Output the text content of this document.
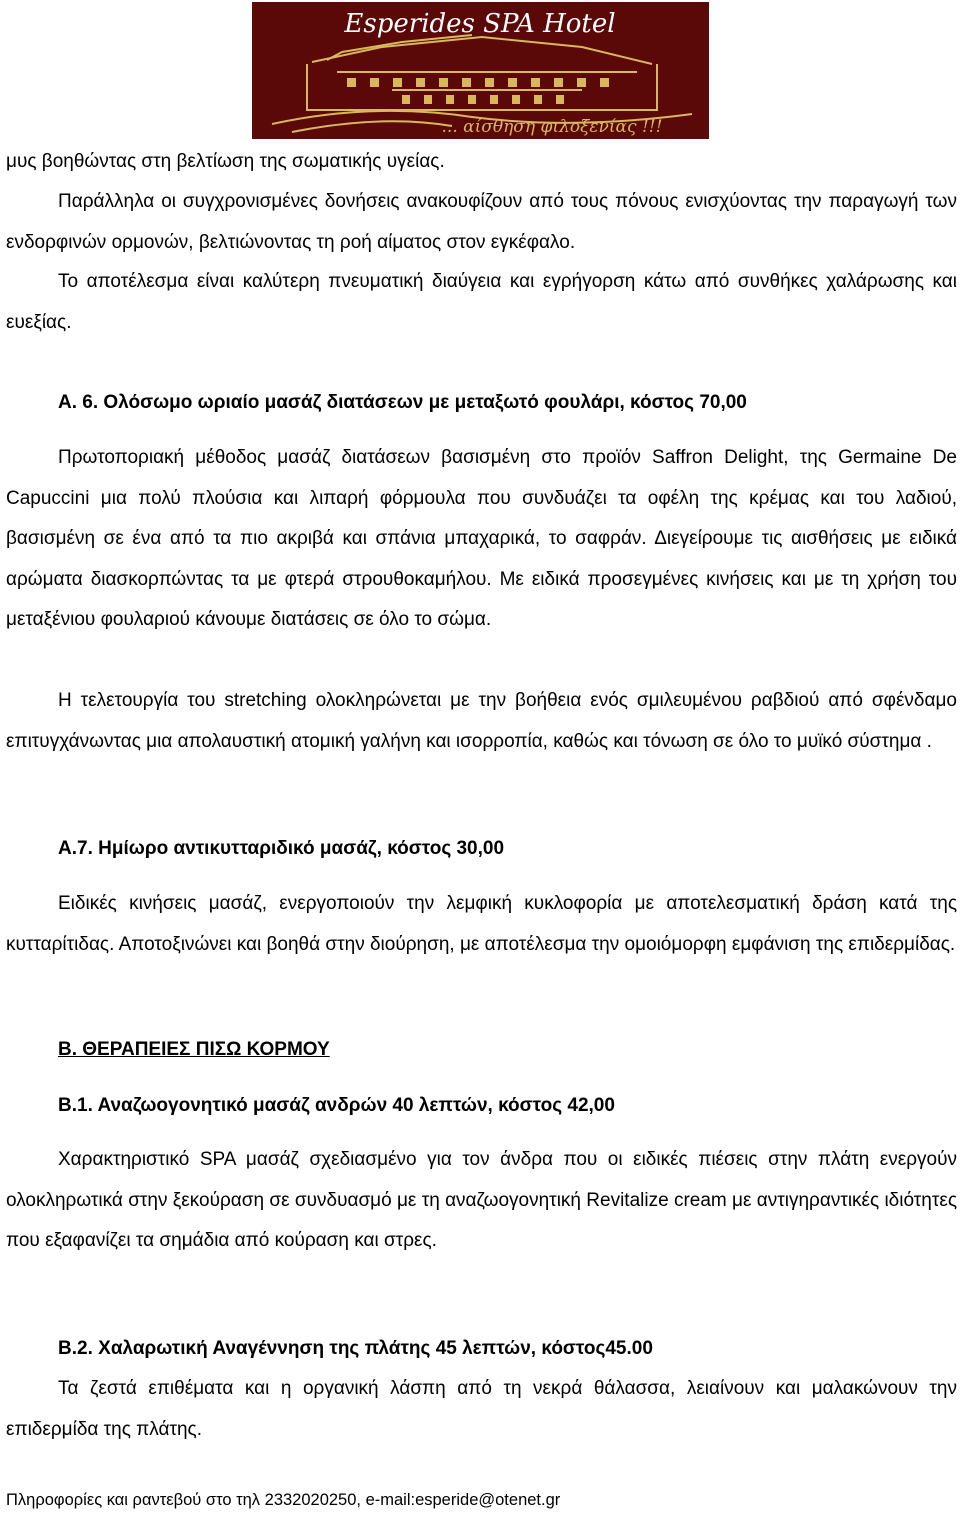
Esperides SPA Hotel
... αίσθηση φιλοξενίας !!!

μυς βοηθώντας στη βελτίωση της σωματικής υγείας.

Παράλληλα οι συγχρονισμένες δονήσεις ανακουφίζουν από τους πόνους ενισχύοντας την παραγωγή των ενδορφινών ορμονών, βελτιώνοντας τη ροή αίματος στον εγκέφαλο.

Το αποτέλεσμα είναι καλύτερη πνευματική διαύγεια και εγρήγορση κάτω από συνθήκες χαλάρωσης και ευεξίας.

Α. 6. Ολόσωμο ωριαίο μασάζ διατάσεων με μεταξωτό φουλάρι, κόστος 70,00

Πρωτοποριακή μέθοδος μασάζ διατάσεων βασισμένη στο προϊόν Saffron Delight, της Germaine De Capuccini μια πολύ πλούσια και λιπαρή φόρμουλα που συνδυάζει τα οφέλη της κρέμας και του λαδιού, βασισμένη σε ένα από τα πιο ακριβά και σπάνια μπαχαρικά, το σαφράν. Διεγείρουμε τις αισθήσεις με ειδικά αρώματα διασκορπώντας τα με φτερά στρουθοκαμήλου. Με ειδικά προσεγμένες κινήσεις και με τη χρήση του μεταξένιου φουλαριού κάνουμε διατάσεις σε όλο το σώμα.

Η τελετουργία του stretching ολοκληρώνεται με την βοήθεια ενός σμιλευμένου ραβδιού από σφένδαμο επιτυγχάνωντας μια απολαυστική ατομική γαλήνη και ισορροπία, καθώς και τόνωση σε όλο το μυϊκό σύστημα .

Α.7. Ημίωρο αντικυτταριδικό μασάζ, κόστος 30,00

Ειδικές κινήσεις μασάζ, ενεργοποιούν την λεμφική κυκλοφορία με αποτελεσματική δράση κατά της κυτταρίτιδας. Αποτοξινώνει και βοηθά στην διούρηση, με αποτέλεσμα την ομοιόμορφη εμφάνιση της επιδερμίδας.

Β. ΘΕΡΑΠΕΙΕΣ ΠΙΣΩ ΚΟΡΜΟΥ
Β.1. Αναζωογονητικό μασάζ ανδρών 40 λεπτών, κόστος 42,00

Χαρακτηριστικό SPA μασάζ σχεδιασμένο για τον άνδρα που οι ειδικές πιέσεις στην πλάτη ενεργούν ολοκληρωτικά στην ξεκούραση σε συνδυασμό με τη αναζωογονητική Revitalize cream με αντιγηραντικές ιδιότητες που εξαφανίζει τα σημάδια από κούραση και στρες.

Β.2. Χαλαρωτική Αναγέννηση της πλάτης 45 λεπτών, κόστος45.00

Τα ζεστά επιθέματα και η οργανική λάσπη από τη νεκρά θάλασσα, λειαίνουν και μαλακώνουν την επιδερμίδα της πλάτης.

Πληροφορίες και ραντεβού στο τηλ 2332020250, e-mail:esperide@otenet.gr
